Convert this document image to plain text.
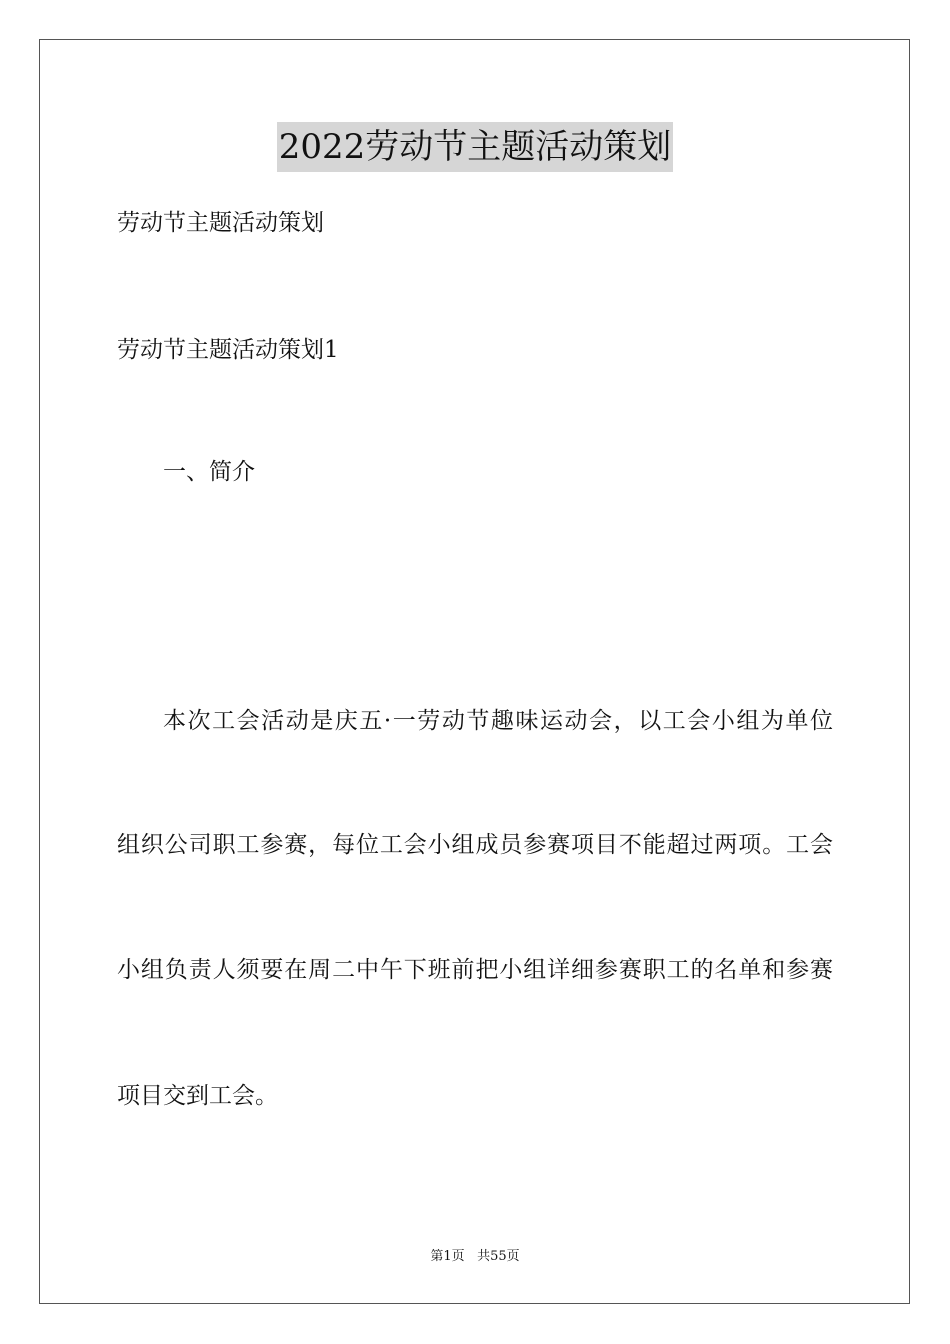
2022劳动节主题活动策划
劳动节主题活动策划
劳动节主题活动策划1
一、简介
本次工会活动是庆五·一劳动节趣味运动会，以工会小组为单位
组织公司职工参赛，每位工会小组成员参赛项目不能超过两项。工会
小组负责人须要在周二中午下班前把小组详细参赛职工的名单和参赛
项目交到工会。
第1页 共55页
